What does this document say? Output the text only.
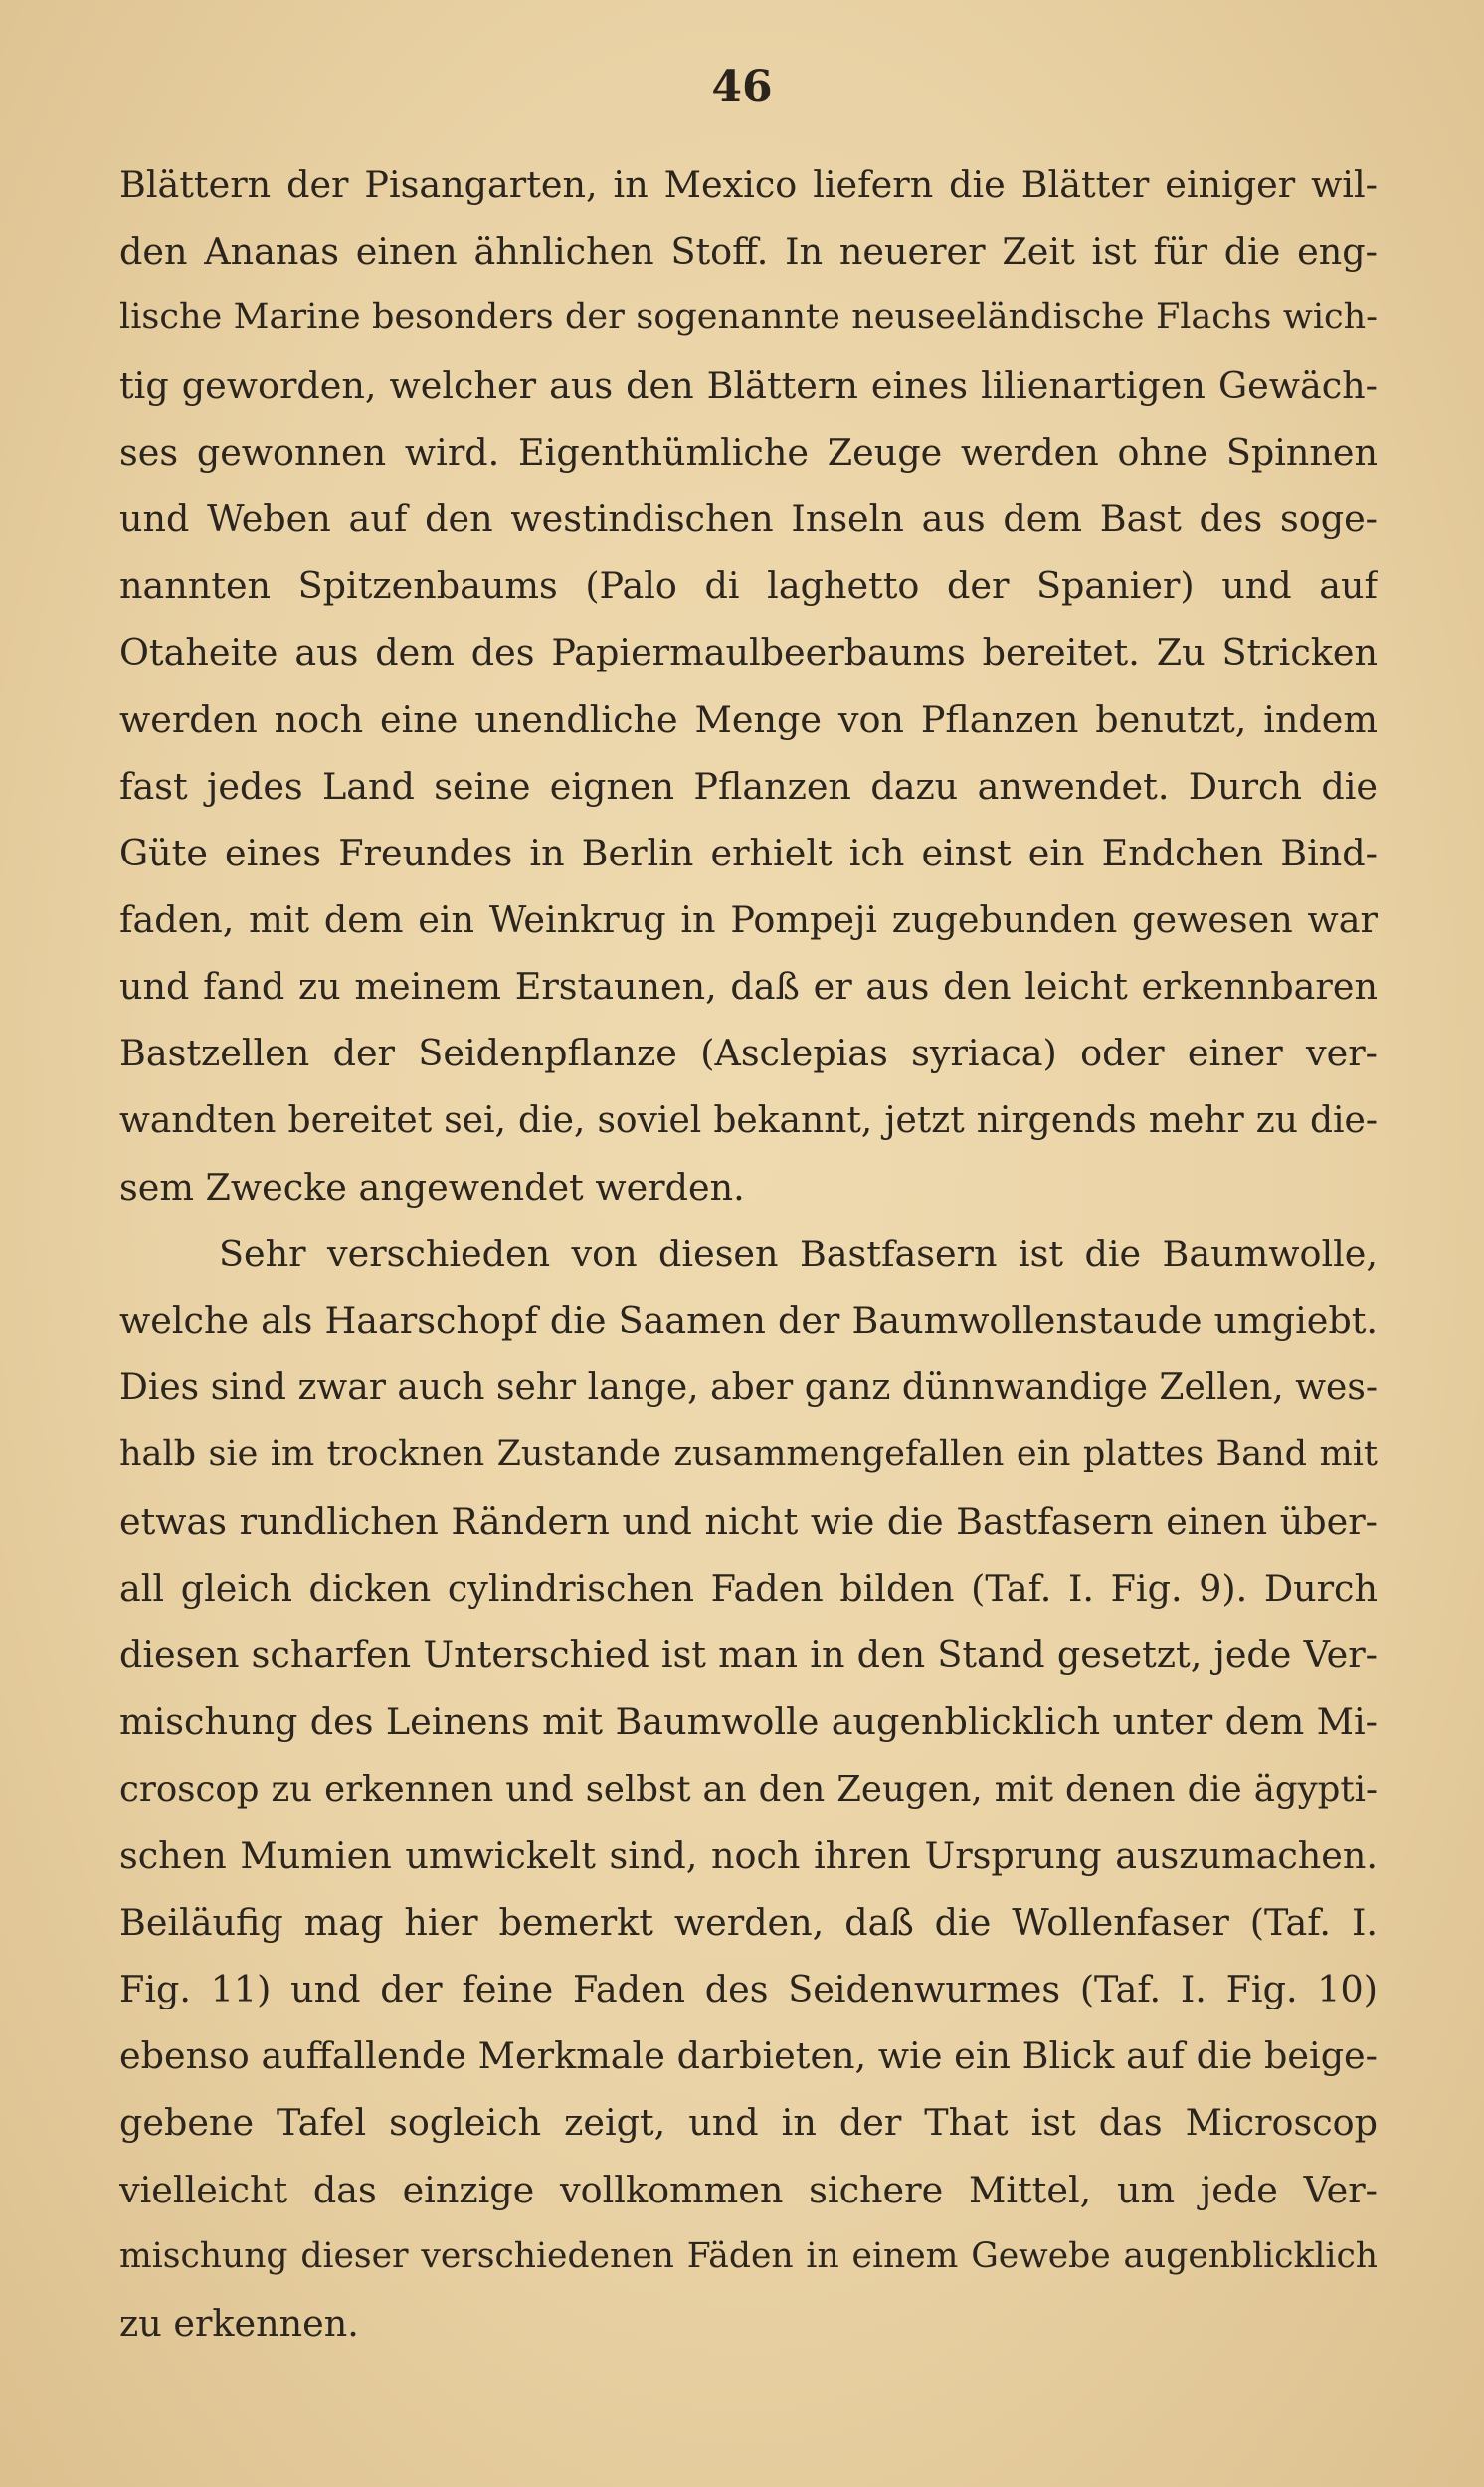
46
Blättern der Pisangarten, in Mexico liefern die Blätter einiger wil-
den Ananas einen ähnlichen Stoff. In neuerer Zeit ist für die eng-
lische Marine besonders der sogenannte neuseeländische Flachs wich-
tig geworden, welcher aus den Blättern eines lilienartigen Gewäch-
ses gewonnen wird. Eigenthümliche Zeuge werden ohne Spinnen
und Weben auf den westindischen Inseln aus dem Bast des soge-
nannten Spitzenbaums (Palo di laghetto der Spanier) und auf
Otaheite aus dem des Papiermaulbeerbaums bereitet. Zu Stricken
werden noch eine unendliche Menge von Pflanzen benutzt, indem
fast jedes Land seine eignen Pflanzen dazu anwendet. Durch die
Güte eines Freundes in Berlin erhielt ich einst ein Endchen Bind-
faden, mit dem ein Weinkrug in Pompeji zugebunden gewesen war
und fand zu meinem Erstaunen, daß er aus den leicht erkennbaren
Bastzellen der Seidenpflanze (Asclepias syriaca) oder einer ver-
wandten bereitet sei, die, soviel bekannt, jetzt nirgends mehr zu die-
sem Zwecke angewendet werden.
Sehr verschieden von diesen Bastfasern ist die Baumwolle,
welche als Haarschopf die Saamen der Baumwollenstaude umgiebt.
Dies sind zwar auch sehr lange, aber ganz dünnwandige Zellen, wes-
halb sie im trocknen Zustande zusammengefallen ein plattes Band mit
etwas rundlichen Rändern und nicht wie die Bastfasern einen über-
all gleich dicken cylindrischen Faden bilden (Taf. I. Fig. 9). Durch
diesen scharfen Unterschied ist man in den Stand gesetzt, jede Ver-
mischung des Leinens mit Baumwolle augenblicklich unter dem Mi-
croscop zu erkennen und selbst an den Zeugen, mit denen die ägypti-
schen Mumien umwickelt sind, noch ihren Ursprung auszumachen.
Beiläufig mag hier bemerkt werden, daß die Wollenfaser (Taf. I.
Fig. 11) und der feine Faden des Seidenwurmes (Taf. I. Fig. 10)
ebenso auffallende Merkmale darbieten, wie ein Blick auf die beige-
gebene Tafel sogleich zeigt, und in der That ist das Microscop
vielleicht das einzige vollkommen sichere Mittel, um jede Ver-
mischung dieser verschiedenen Fäden in einem Gewebe augenblicklich
zu erkennen.
